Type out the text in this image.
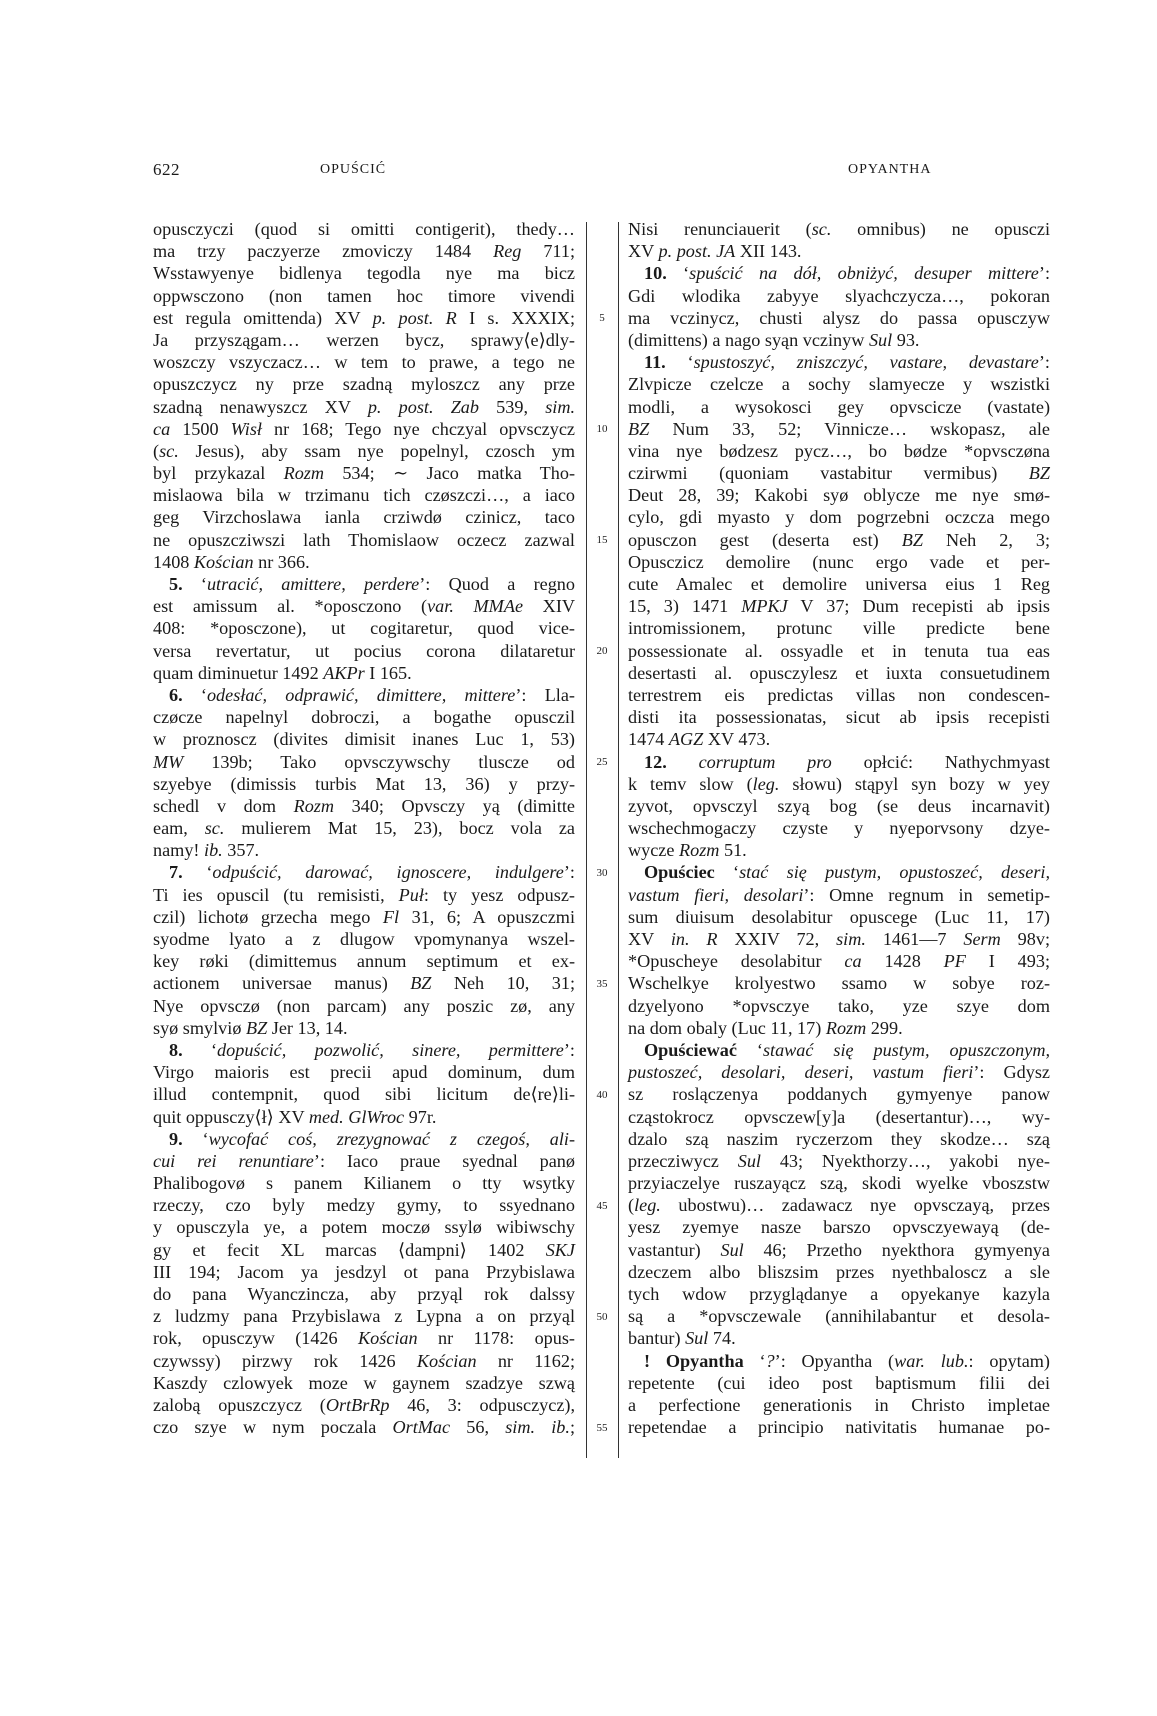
622	OPUŚCIĆ	OPYANTHA
opusczyczi (quod si omitti contigerit), thedy…
ma trzy paczyerze zmoviczy 1484 Reg 711;
Wsstawyenye bidlenya tegodla nye ma bicz
oppwsczono (non tamen hoc timore vivendi
est regula omittenda) XV p. post. R I s. XXXIX;
Ja przyszągam… werzen bycz, sprawy⟨e⟩dly-
woszczy vszyczacz… w tem to prawe, a tego ne
opuszczycz ny prze szadną myloszcz any prze
szadną nenawyszcz XV p. post. Zab 539, sim.
ca 1500 Wisł nr 168; Tego nye chczyal opvsczycz
(sc. Jesus), aby ssam nye popelnyl, czosch ym
byl przykazal Rozm 534; ∼ Jaco matka Tho-
mislaowa bila w trzimanu tich czøszczi…, a iaco
geg Virzchoslawa ianla crziwdø czinicz, taco
ne opuszcziwszi lath Thomislaow oczecz zazwal
1408 Kościan nr 366.
5. ‘utracić, amittere, perdere’: Quod a regno
est amissum al. *oposczono (var. MMAe XIV
408: *oposczone), ut cogitaretur, quod vice-
versa revertatur, ut pocius corona dilataretur
quam diminuetur 1492 AKPr I 165.
6. ‘odesłać, odprawić, dimittere, mittere’: Lla-
czøcze napelnyl dobroczi, a bogathe opusczil
w proznoscz (divites dimisit inanes Luc 1, 53)
MW 139b; Tako opvsczywschy tluscze od
szyebye (dimissis turbis Mat 13, 36) y przy-
schedl v dom Rozm 340; Opvsczy yą (dimitte
eam, sc. mulierem Mat 15, 23), bocz vola za
namy! ib. 357.
7. ‘odpuścić, darować, ignoscere, indulgere’:
Ti ies opuscil (tu remisisti, Puł: ty yesz odpusz-
czil) lichotø grzecha mego Fl 31, 6; A opuszczmi
syodme lyato a z dlugow vpomynanya wszel-
key røki (dimittemus annum septimum et ex-
actionem universae manus) BZ Neh 10, 31;
Nye opvsczø (non parcam) any poszic zø, any
syø smylviø BZ Jer 13, 14.
8. ‘dopuścić, pozwolić, sinere, permittere’:
Virgo maioris est precii apud dominum, dum
illud contempnit, quod sibi licitum de⟨re⟩li-
quit oppusczy⟨ł⟩ XV med. GlWroc 97r.
9. ‘wycofać coś, zrezygnować z czegoś, ali-
cui rei renuntiare’: Iaco praue syednal panø
Phalibogovø s panem Kilianem o tty wsytky
rzeczy, czo byly medzy gymy, to ssyednano
y opusczyla ye, a potem moczø ssylø wibiwschy
gy et fecit XL marcas ⟨dampni⟩ 1402 SKJ
III 194; Jacom ya jesdzyl ot pana Przybislawa
do pana Wyanczincza, aby przyąl rok dalssy
z ludzmy pana Przybislawa z Lypna a on przyąl
rok, opusczyw (1426 Kościan nr 1178: opus-
czywssy) pirzwy rok 1426 Kościan nr 1162;
Kaszdy czlowyek moze w gaynem szadzye szwą
zalobą opuszczycz (OrtBrRp 46, 3: odpusczycz),
czo szye w nym poczala OrtMac 56, sim. ib.;
5
10
15
20
25
30
35
40
45
50
55
Nisi renunciauerit (sc. omnibus) ne opusczi
XV p. post. JA XII 143.
10. ‘spuścić na dół, obniżyć, desuper mittere’:
Gdi wlodika zabyye slyachczycza…, pokoran
ma vczinycz, chusti alysz do passa opusczyw
(dimittens) a nago syąn vczinyw Sul 93.
11. ‘spustoszyć, zniszczyć, vastare, devastare’:
Zlvpicze czelcze a sochy slamyecze y wszistki
modli, a wysokosci gey opvscicze (vastate)
BZ Num 33, 52; Vinnicze… wskopasz, ale
vina nye bødzesz pycz…, bo bødze *opvsczøna
czirwmi (quoniam vastabitur vermibus) BZ
Deut 28, 39; Kakobi syø oblycze me nye smø-
cylo, gdi myasto y dom pogrzebni oczcza mego
opusczon gest (deserta est) BZ Neh 2, 3;
Opusczicz demolire (nunc ergo vade et per-
cute Amalec et demolire universa eius 1 Reg
15, 3) 1471 MPKJ V 37; Dum recepisti ab ipsis
intromissionem, protunc ville predicte bene
possessionate al. ossyadle et in tenuta tua eas
desertasti al. opusczylesz et iuxta consuetudinem
terrestrem eis predictas villas non condescen-
disti ita possessionatas, sicut ab ipsis recepisti
1474 AGZ XV 473.
12. corruptum pro opłcić: Nathychmyast
k temv slow (leg. słowu) stąpyl syn bozy w yey
zyvot, opvsczyl szyą bog (se deus incarnavit)
wschechmogaczy czyste y nyeporvsony dzye-
wycze Rozm 51.
Opuściec ‘stać się pustym, opustoszeć, deseri,
vastum fieri, desolari’: Omne regnum in semetip-
sum diuisum desolabitur opuscege (Luc 11, 17)
XV in. R XXIV 72, sim. 1461—7 Serm 98v;
*Opuscheye desolabitur ca 1428 PF I 493;
Wschelkye krolyestwo ssamo w sobye roz-
dzyelyono *opvsczye tako, yze szye dom
na dom obaly (Luc 11, 17) Rozm 299.
Opuściewać ‘stawać się pustym, opuszczonym,
pustoszeć, desolari, deseri, vastum fieri’: Gdysz
sz roslączenya poddanych gymyenye panow
cząstokrocz opvsczew[y]a (desertantur)…, wy-
dzalo szą naszim ryczerzom they skodze… szą
przecziwycz Sul 43; Nyekthorzy…, yakobi nye-
przyiaczelye ruszayącz szą, skodi wyelke vboszstw
(leg. ubostwu)… zadawacz nye opvsczayą, przes
yesz zyemye nasze barszo opvsczyewayą (de-
vastantur) Sul 46; Przetho nyekthora gymyenya
dzeczem albo bliszsim przes nyethbaloscz a sle
tych wdow przyglądanye a opyekanye kazyla
są a *opvsczewale (annihilabantur et desola-
bantur) Sul 74.
! Opyantha ‘?’: Opyantha (war. lub.: opytam)
repetente (cui ideo post baptismum filii dei
a perfectione generationis in Christo impletae
repetendae a principio nativitatis humanae po-
